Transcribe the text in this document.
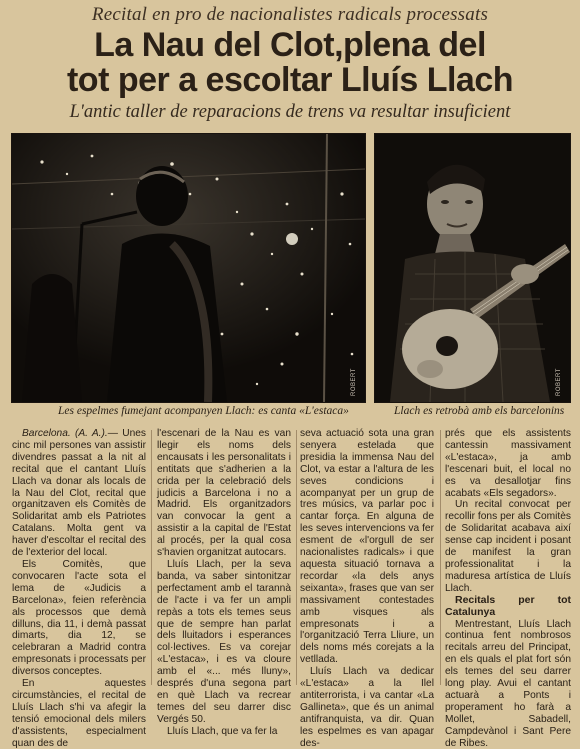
Recital en pro de nacionalistes radicals processats
La Nau del Clot,plena del
tot per a escoltar Lluís Llach
L'antic taller de reparacions de trens va resultar insuficient
ROBERT	ROBERT
Les espelmes fumejant acompanyen Llach: es canta «L'estaca»	Llach es retrobà amb els barcelonins

Barcelona. (A. A.).— Unes cinc mil persones van assistir divendres passat a la nit al recital que el cantant Lluís Llach va donar als locals de la Nau del Clot, recital que organitzaven els Comitès de Solidaritat amb els Patriotes Catalans. Molta gent va haver d'escoltar el recital des de l'exterior del local.

Els Comitès, que convocaren l'acte sota el lema de «Judicis a Barcelona», feien referència als processos que demà dilluns, dia 11, i demà passat dimarts, dia 12, se celebraran a Madrid contra empresonats i processats per diversos conceptes.

En aquestes circumstàncies, el recital de Lluís Llach s'hi va afegir la tensió emocional dels milers d'assistents, especialment quan des de

l'escenari de la Nau es van llegir els noms dels encausats i les personalitats i entitats que s'adherien a la crida per la celebració dels judicis a Barcelona i no a Madrid. Els organitzadors van convocar la gent a assistir a la capital de l'Estat al procés, per la qual cosa s'havien organitzat autocars.

Lluís Llach, per la seva banda, va saber sintonitzar perfectament amb el tarannà de l'acte i va fer un ampli repàs a tots els temes seus que de sempre han parlat dels lluitadors i esperances col·lectives. Es va corejar «L'estaca», i es va cloure amb el «... més lluny», després d'una segona part en què Llach va recrear temes del seu darrer disc Vergés 50.

Lluís Llach, que va fer la

seva actuació sota una gran senyera estelada que presidia la immensa Nau del Clot, va estar a l'altura de les seves condicions i acompanyat per un grup de tres músics, va parlar poc i cantar força. En alguna de les seves intervencions va fer esment de «l'orgull de ser nacionalistes radicals» i que aquesta situació tornava a recordar «la dels anys seixanta», frases que van ser massivament contestades amb visques als empresonats i a l'organització Terra Lliure, un dels noms més corejats a la vetllada.

Lluís Llach va dedicar «L'estaca» a la Ilel antiterrorista, i va cantar «La Gallineta», que és un animal antifranquista, va dir. Quan les espelmes es van apagar des-

prés que els assistents cantessin massivament «L'estaca», ja amb l'escenari buit, el local no es va desallotjar fins acabats «Els segadors».

Un recital convocat per recollir fons per als Comitès de Solidaritat acabava així sense cap incident i posant de manifest la gran professionalitat i la maduresa artística de Lluís Llach.

Recitals per tot Catalunya

Mentrestant, Lluís Llach continua fent nombrosos recitals arreu del Principat, en els quals el plat fort són els temes del seu darrer long play. Avui el cantant actuarà a Ponts i properament ho farà a Mollet, Sabadell, Campdevànol i Sant Pere de Ribes.
